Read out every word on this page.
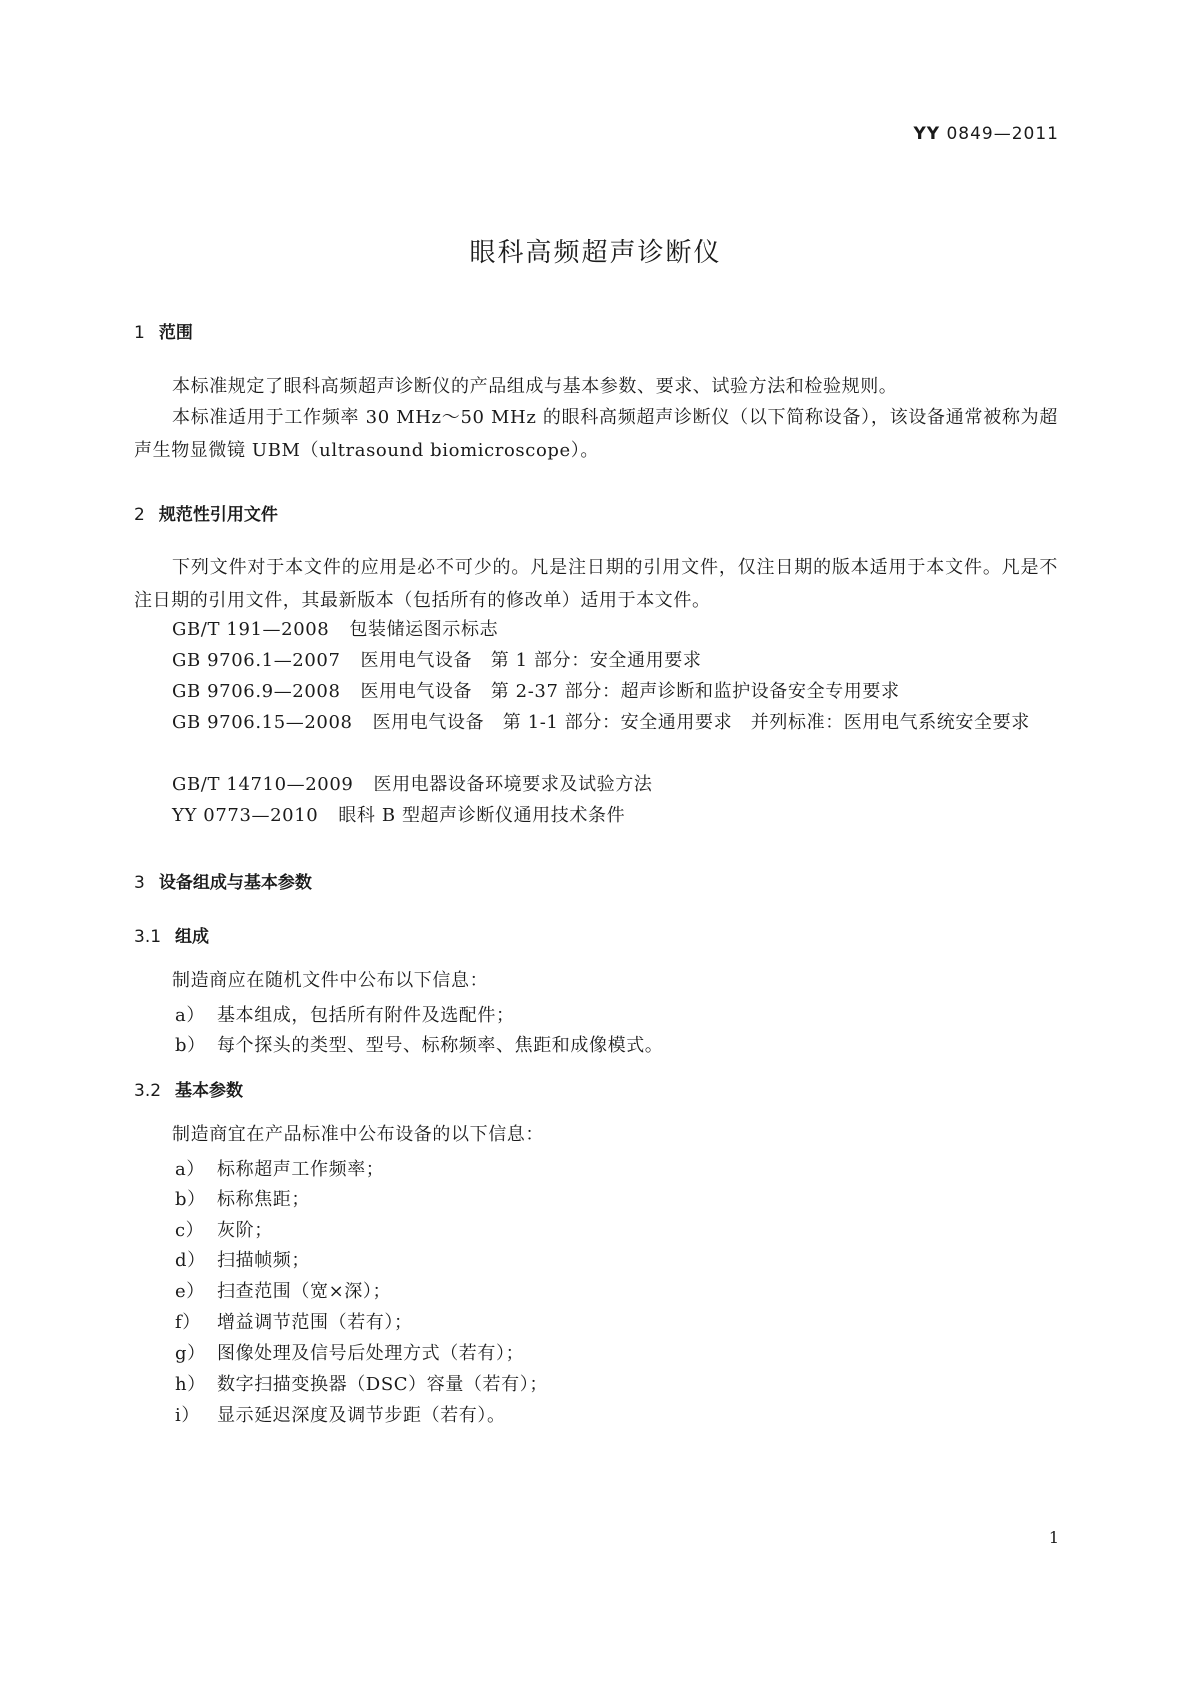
YY 0849—2011
眼科高频超声诊断仪
1 范围
本标准规定了眼科高频超声诊断仪的产品组成与基本参数、要求、试验方法和检验规则。
本标准适用于工作频率 30 MHz～50 MHz 的眼科高频超声诊断仪（以下简称设备），该设备通常被称为超声生物显微镜 UBM（ultrasound biomicroscope）。
2 规范性引用文件
下列文件对于本文件的应用是必不可少的。凡是注日期的引用文件，仅注日期的版本适用于本文件。凡是不注日期的引用文件，其最新版本（包括所有的修改单）适用于本文件。
GB/T 191—2008 包装储运图示标志
GB 9706.1—2007 医用电气设备　第 1 部分：安全通用要求
GB 9706.9—2008 医用电气设备　第 2-37 部分：超声诊断和监护设备安全专用要求
GB 9706.15—2008 医用电气设备　第 1-1 部分：安全通用要求　并列标准：医用电气系统安全要求
GB/T 14710—2009 医用电器设备环境要求及试验方法
YY 0773—2010 眼科 B 型超声诊断仪通用技术条件
3 设备组成与基本参数
3.1 组成
制造商应在随机文件中公布以下信息：
a） 基本组成，包括所有附件及选配件；
b） 每个探头的类型、型号、标称频率、焦距和成像模式。
3.2 基本参数
制造商宜在产品标准中公布设备的以下信息：
a） 标称超声工作频率；
b） 标称焦距；
c） 灰阶；
d） 扫描帧频；
e） 扫查范围（宽×深）；
f） 增益调节范围（若有）；
g） 图像处理及信号后处理方式（若有）；
h） 数字扫描变换器（DSC）容量（若有）；
i） 显示延迟深度及调节步距（若有）。
1
